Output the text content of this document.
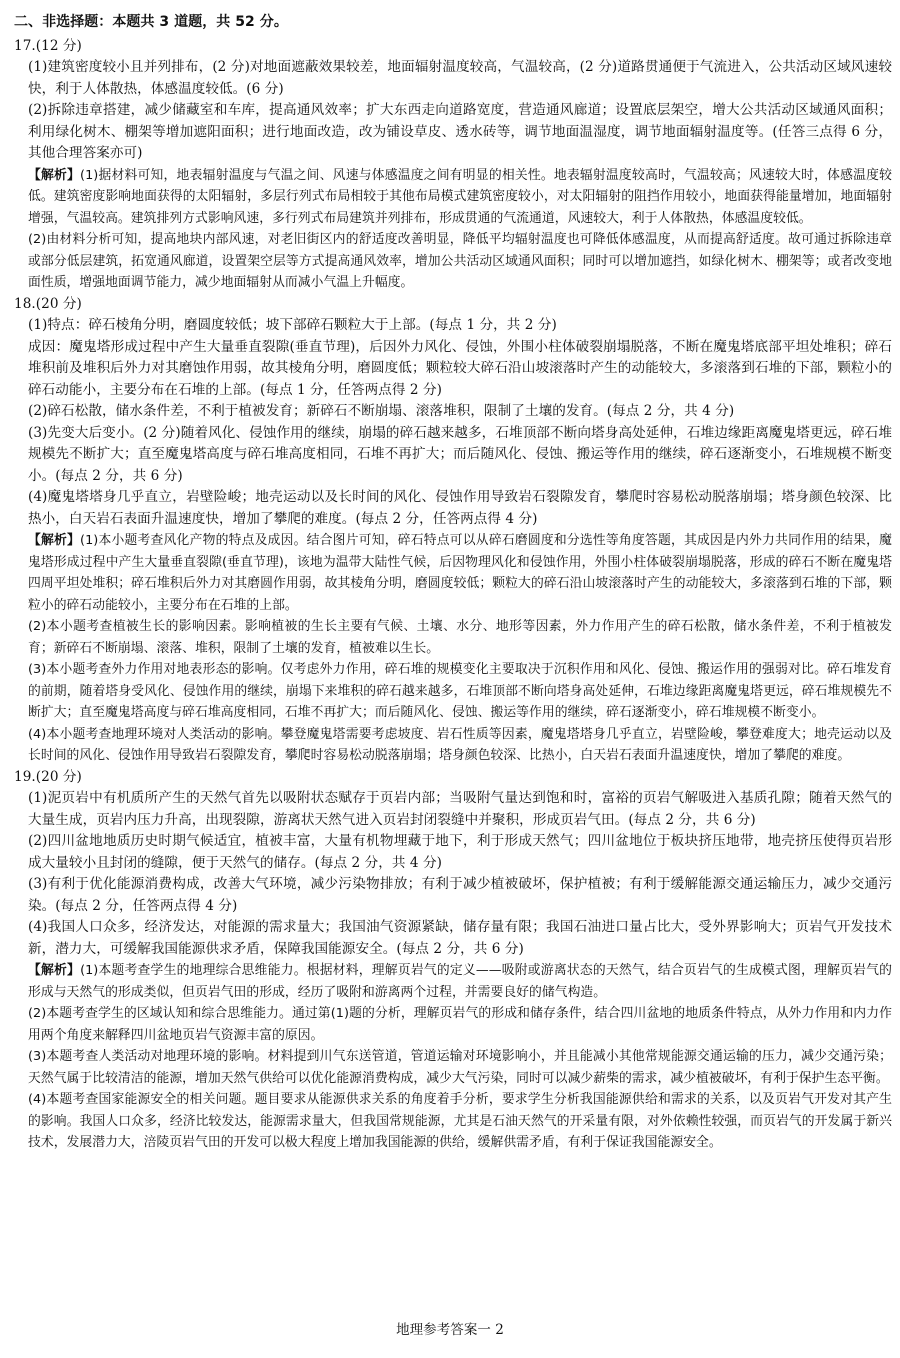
二、非选择题：本题共 3 道题，共 52 分。
17.(12 分)
(1)建筑密度较小且并列排布，(2 分)对地面遮蔽效果较差，地面辐射温度较高，气温较高，(2 分)道路贯通便于气流进入，公共活动区域风速较快，利于人体散热，体感温度较低。(6 分)
(2)拆除违章搭建，减少储藏室和车库，提高通风效率；扩大东西走向道路宽度，营造通风廊道；设置底层架空，增大公共活动区域通风面积；利用绿化树木、棚架等增加遮阳面积；进行地面改造，改为铺设草皮、透水砖等，调节地面温湿度，调节地面辐射温度等。(任答三点得 6 分，其他合理答案亦可)
【解析】(1)据材料可知，地表辐射温度与气温之间、风速与体感温度之间有明显的相关性。地表辐射温度较高时，气温较高；风速较大时，体感温度较低。建筑密度影响地面获得的太阳辐射，多层行列式布局相较于其他布局模式建筑密度较小，对太阳辐射的阻挡作用较小，地面获得能量增加，地面辐射增强，气温较高。建筑排列方式影响风速，多行列式布局建筑并列排布，形成贯通的气流通道，风速较大，利于人体散热，体感温度较低。
(2)由材料分析可知，提高地块内部风速，对老旧街区内的舒适度改善明显，降低平均辐射温度也可降低体感温度，从而提高舒适度。故可通过拆除违章或部分低层建筑，拓宽通风廊道，设置架空层等方式提高通风效率，增加公共活动区域通风面积；同时可以增加遮挡，如绿化树木、棚架等；或者改变地面性质，增强地面调节能力，减少地面辐射从而减小气温上升幅度。
18.(20 分)
(1)特点：碎石棱角分明，磨圆度较低；坡下部碎石颗粒大于上部。(每点 1 分，共 2 分)
成因：魔鬼塔形成过程中产生大量垂直裂隙(垂直节理)，后因外力风化、侵蚀，外围小柱体破裂崩塌脱落，不断在魔鬼塔底部平坦处堆积；碎石堆积前及堆积后外力对其磨蚀作用弱，故其棱角分明，磨圆度低；颗粒较大碎石沿山坡滚落时产生的动能较大，多滚落到石堆的下部，颗粒小的碎石动能小，主要分布在石堆的上部。(每点 1 分，任答两点得 2 分)
(2)碎石松散，储水条件差，不利于植被发育；新碎石不断崩塌、滚落堆积，限制了土壤的发育。(每点 2 分，共 4 分)
(3)先变大后变小。(2 分)随着风化、侵蚀作用的继续，崩塌的碎石越来越多，石堆顶部不断向塔身高处延伸，石堆边缘距离魔鬼塔更远，碎石堆规模先不断扩大；直至魔鬼塔高度与碎石堆高度相同，石堆不再扩大；而后随风化、侵蚀、搬运等作用的继续，碎石逐渐变小，石堆规模不断变小。(每点 2 分，共 6 分)
(4)魔鬼塔塔身几乎直立，岩壁险峻；地壳运动以及长时间的风化、侵蚀作用导致岩石裂隙发育，攀爬时容易松动脱落崩塌；塔身颜色较深、比热小，白天岩石表面升温速度快，增加了攀爬的难度。(每点 2 分，任答两点得 4 分)
【解析】(1)本小题考查风化产物的特点及成因。结合图片可知，碎石特点可以从碎石磨圆度和分选性等角度答题，其成因是内外力共同作用的结果，魔鬼塔形成过程中产生大量垂直裂隙(垂直节理)，该地为温带大陆性气候，后因物理风化和侵蚀作用，外围小柱体破裂崩塌脱落，形成的碎石不断在魔鬼塔四周平坦处堆积；碎石堆积后外力对其磨圆作用弱，故其棱角分明，磨圆度较低；颗粒大的碎石沿山坡滚落时产生的动能较大，多滚落到石堆的下部，颗粒小的碎石动能较小，主要分布在石堆的上部。
(2)本小题考查植被生长的影响因素。影响植被的生长主要有气候、土壤、水分、地形等因素，外力作用产生的碎石松散，储水条件差，不利于植被发育；新碎石不断崩塌、滚落、堆积，限制了土壤的发育，植被难以生长。
(3)本小题考查外力作用对地表形态的影响。仅考虑外力作用，碎石堆的规模变化主要取决于沉积作用和风化、侵蚀、搬运作用的强弱对比。碎石堆发育的前期，随着塔身受风化、侵蚀作用的继续，崩塌下来堆积的碎石越来越多，石堆顶部不断向塔身高处延伸，石堆边缘距离魔鬼塔更远，碎石堆规模先不断扩大；直至魔鬼塔高度与碎石堆高度相同，石堆不再扩大；而后随风化、侵蚀、搬运等作用的继续，碎石逐渐变小，碎石堆规模不断变小。
(4)本小题考查地理环境对人类活动的影响。攀登魔鬼塔需要考虑坡度、岩石性质等因素，魔鬼塔塔身几乎直立，岩壁险峻，攀登难度大；地壳运动以及长时间的风化、侵蚀作用导致岩石裂隙发育，攀爬时容易松动脱落崩塌；塔身颜色较深、比热小，白天岩石表面升温速度快，增加了攀爬的难度。
19.(20 分)
(1)泥页岩中有机质所产生的天然气首先以吸附状态赋存于页岩内部；当吸附气量达到饱和时，富裕的页岩气解吸进入基质孔隙；随着天然气的大量生成，页岩内压力升高，出现裂隙，游离状天然气进入页岩封闭裂缝中并聚积，形成页岩气田。(每点 2 分，共 6 分)
(2)四川盆地地质历史时期气候适宜，植被丰富，大量有机物埋藏于地下，利于形成天然气；四川盆地位于板块挤压地带，地壳挤压使得页岩形成大量较小且封闭的缝隙，便于天然气的储存。(每点 2 分，共 4 分)
(3)有利于优化能源消费构成，改善大气环境，减少污染物排放；有利于减少植被破坏，保护植被；有利于缓解能源交通运输压力，减少交通污染。(每点 2 分，任答两点得 4 分)
(4)我国人口众多，经济发达，对能源的需求量大；我国油气资源紧缺，储存量有限；我国石油进口量占比大，受外界影响大；页岩气开发技术新，潜力大，可缓解我国能源供求矛盾，保障我国能源安全。(每点 2 分，共 6 分)
【解析】(1)本题考查学生的地理综合思维能力。根据材料，理解页岩气的定义——吸附或游离状态的天然气，结合页岩气的生成模式图，理解页岩气的形成与天然气的形成类似，但页岩气田的形成，经历了吸附和游离两个过程，并需要良好的储气构造。
(2)本题考查学生的区域认知和综合思维能力。通过第(1)题的分析，理解页岩气的形成和储存条件，结合四川盆地的地质条件特点，从外力作用和内力作用两个角度来解释四川盆地页岩气资源丰富的原因。
(3)本题考查人类活动对地理环境的影响。材料提到川气东送管道，管道运输对环境影响小，并且能减小其他常规能源交通运输的压力，减少交通污染；天然气属于比较清洁的能源，增加天然气供给可以优化能源消费构成，减少大气污染，同时可以减少薪柴的需求，减少植被破坏，有利于保护生态平衡。
(4)本题考查国家能源安全的相关问题。题目要求从能源供求关系的角度着手分析，要求学生分析我国能源供给和需求的关系，以及页岩气开发对其产生的影响。我国人口众多，经济比较发达，能源需求量大，但我国常规能源，尤其是石油天然气的开采量有限，对外依赖性较强，而页岩气的开发属于新兴技术，发展潜力大，涪陵页岩气田的开发可以极大程度上增加我国能源的供给，缓解供需矛盾，有利于保证我国能源安全。
地理参考答案一 2
